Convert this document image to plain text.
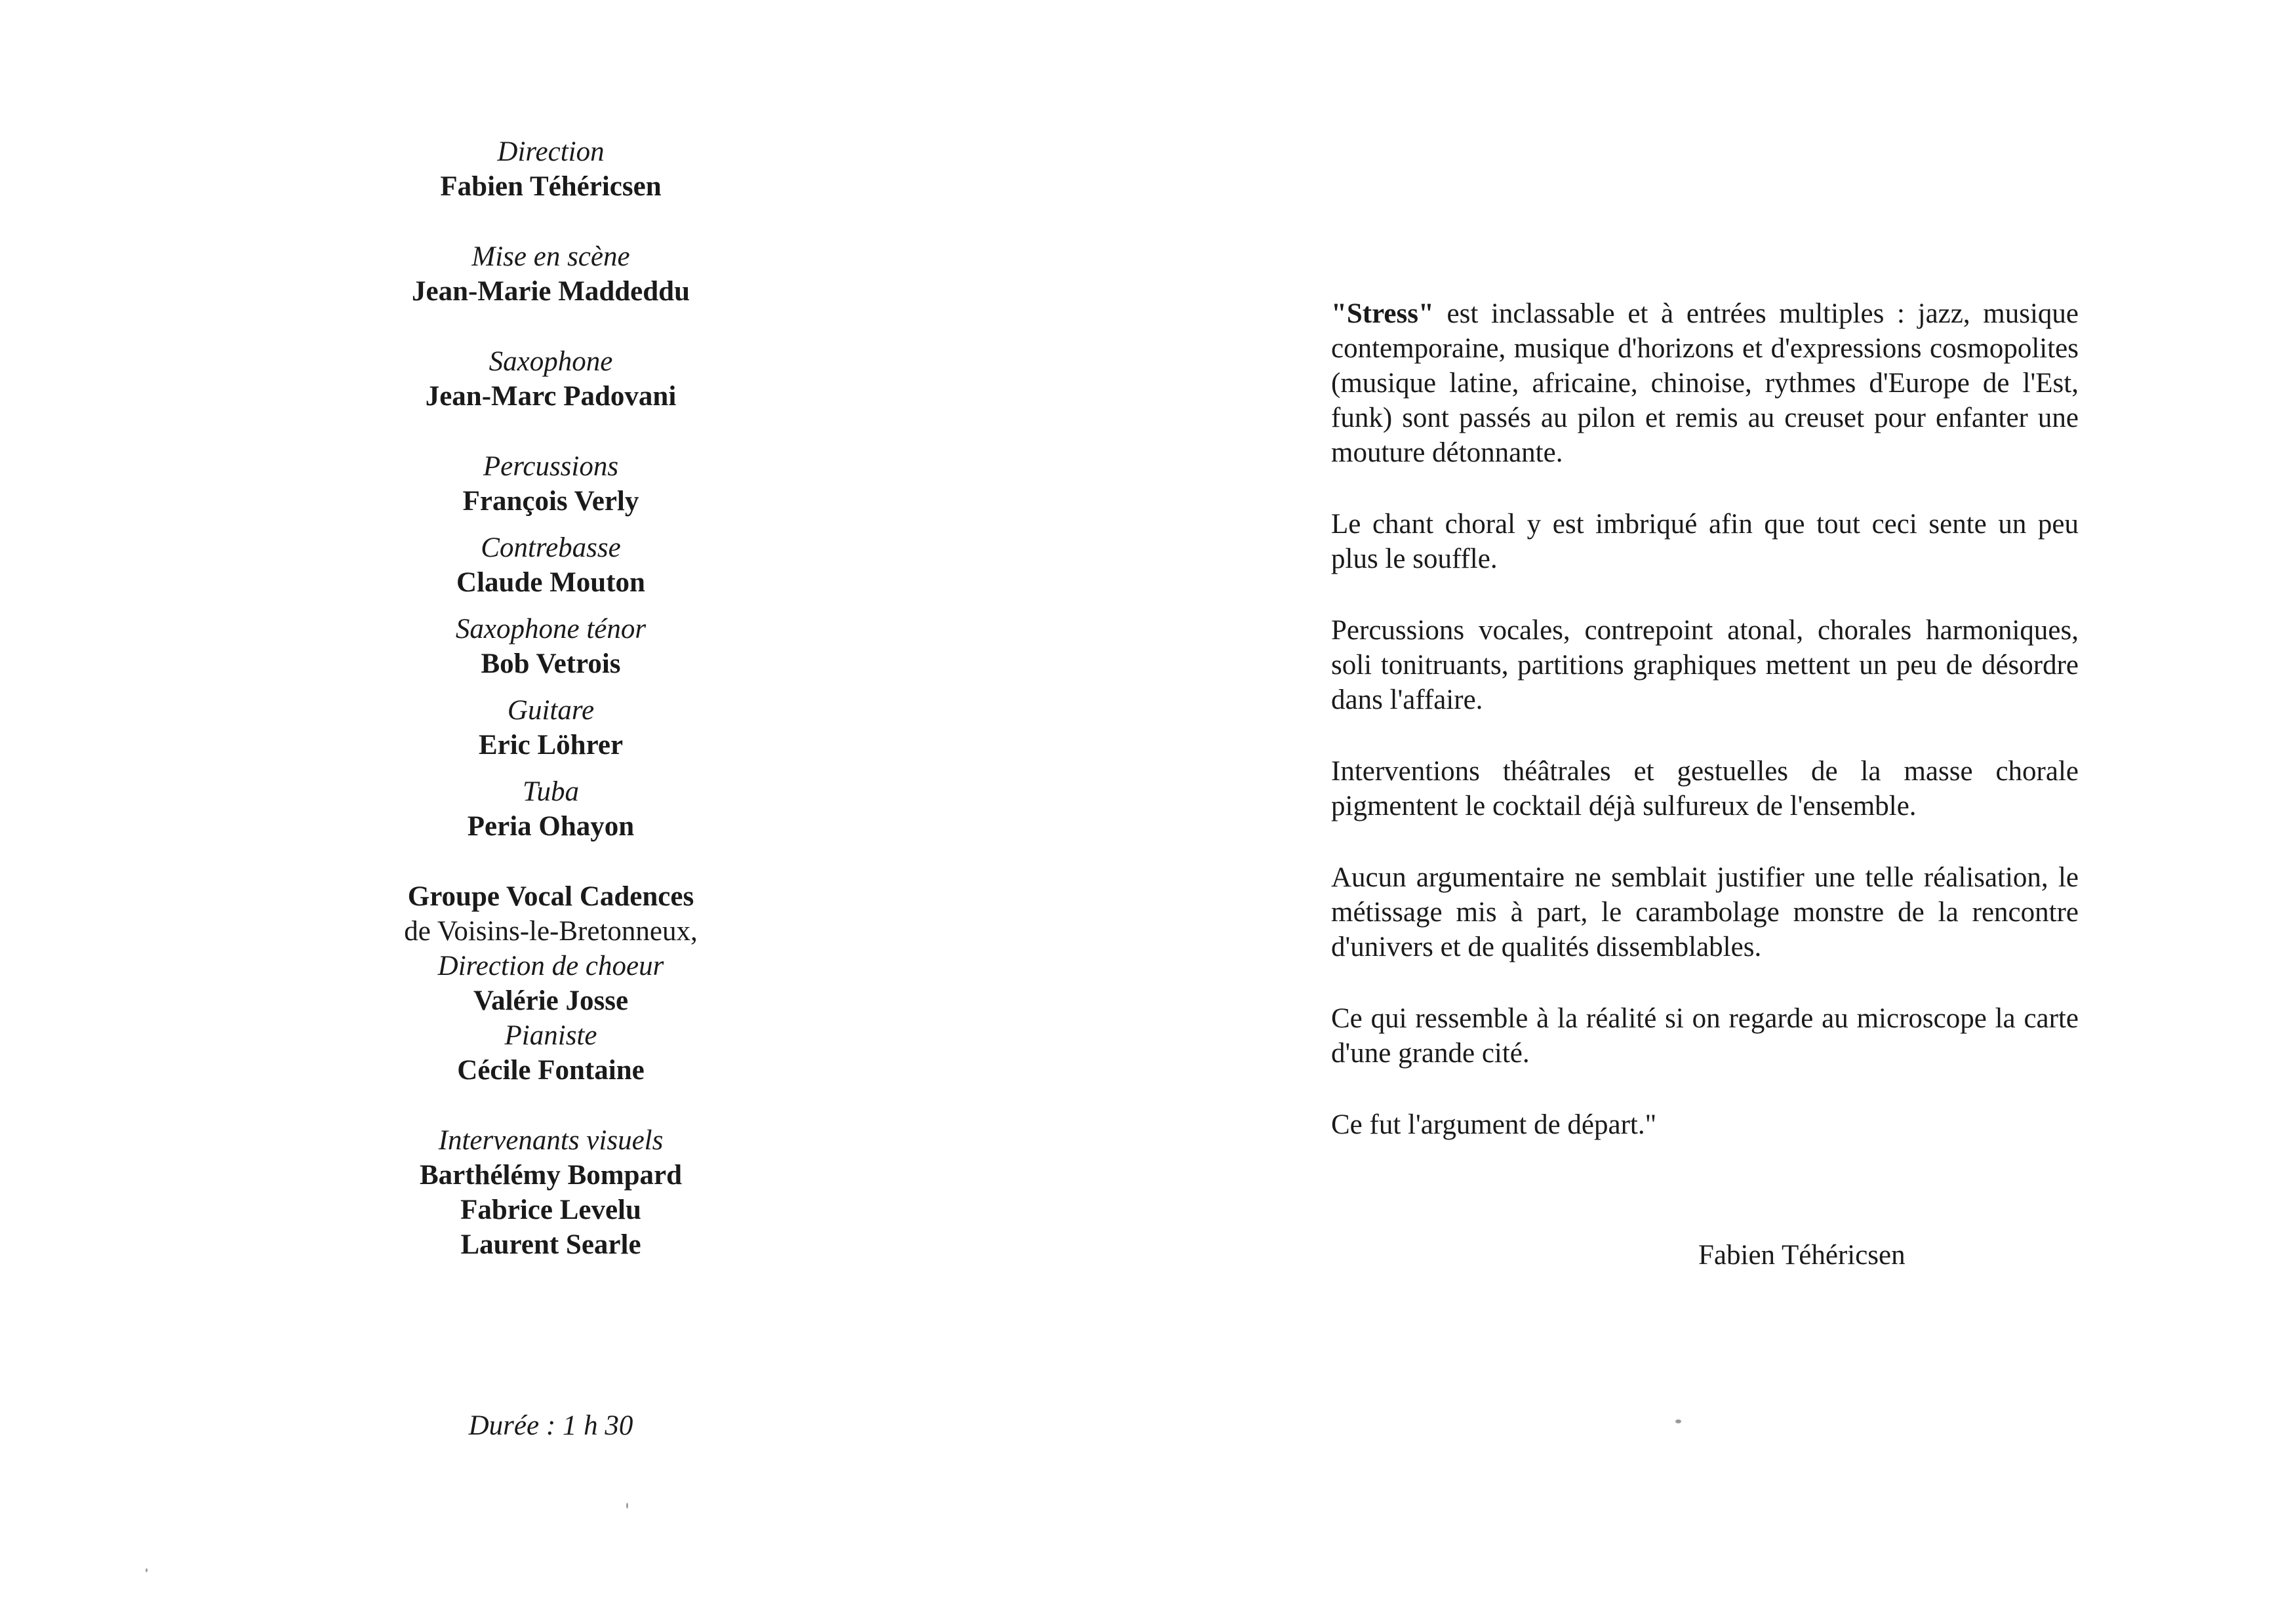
Direction
Fabien Téhéricsen
Mise en scène
Jean-Marie Maddeddu
Saxophone
Jean-Marc Padovani
Percussions
François Verly
Contrebasse
Claude Mouton
Saxophone ténor
Bob Vetrois
Guitare
Eric Löhrer
Tuba
Peria Ohayon
Groupe Vocal Cadences
de Voisins-le-Bretonneux,
Direction de choeur
Valérie Josse
Pianiste
Cécile Fontaine
Intervenants visuels
Barthélémy Bompard
Fabrice Levelu
Laurent Searle
Durée : 1 h 30

"Stress" est inclassable et à entrées multiples : jazz, musique contemporaine, musique d'horizons et d'expressions cosmopolites (musique latine, africaine, chinoise, rythmes d'Europe de l'Est, funk) sont passés au pilon et remis au creuset pour enfanter une mouture détonnante.

Le chant choral y est imbriqué afin que tout ceci sente un peu plus le souffle.

Percussions vocales, contrepoint atonal, chorales harmoniques, soli tonitruants, partitions graphiques mettent un peu de désordre dans l'affaire.

Interventions théâtrales et gestuelles de la masse chorale pigmentent le cocktail déjà sulfureux de l'ensemble.

Aucun argumentaire ne semblait justifier une telle réalisation, le métissage mis à part, le carambolage monstre de la rencontre d'univers et de qualités dissemblables.

Ce qui ressemble à la réalité si on regarde au microscope la carte d'une grande cité.

Ce fut l'argument de départ."

Fabien Téhéricsen
